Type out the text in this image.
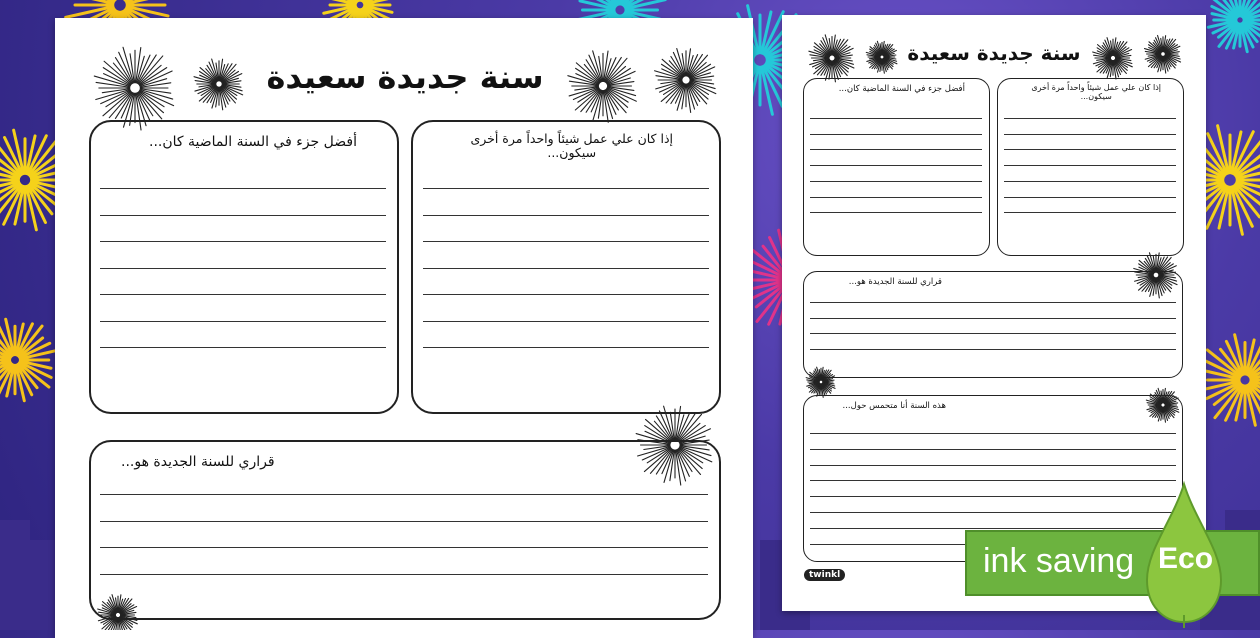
سنة جديدة سعيدة
أفضل جزء في السنة الماضية كان...	إذا كان علي عمل شيئاً واحداً مرة أخرى
سيكون...
قراري للسنة الجديدة هو...
سنة جديدة سعيدة
أفضل جزء في السنة الماضية كان...	إذا كان علي عمل شيئاً واحداً مرة أخرى
سيكون...
قراري للسنة الجديدة هو...
هذه السنة أنا متحمس حول...
twinkl	ink saving Eco
